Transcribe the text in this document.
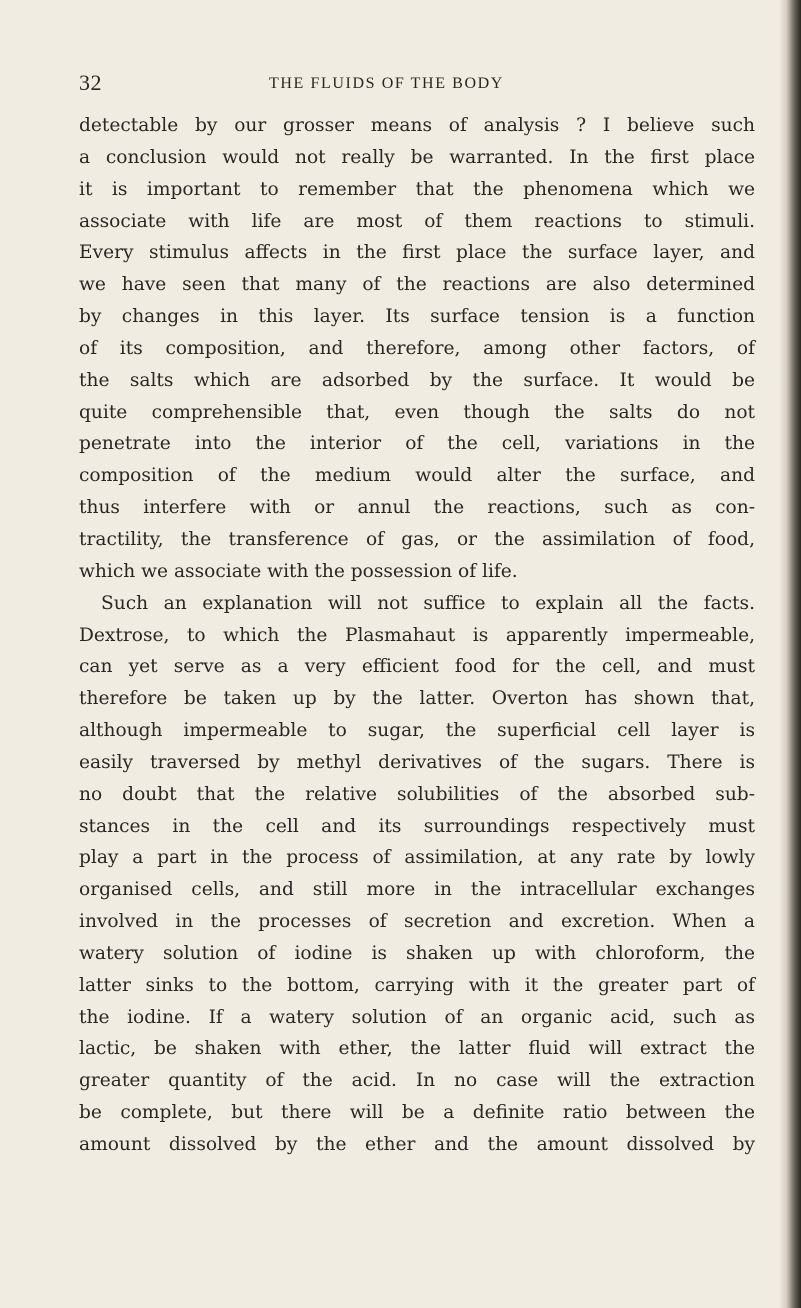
32	THE FLUIDS OF THE BODY
detectable by our grosser means of analysis ? I believe such
a conclusion would not really be warranted. In the first place
it is important to remember that the phenomena which we
associate with life are most of them reactions to stimuli.
Every stimulus affects in the first place the surface layer, and
we have seen that many of the reactions are also determined
by changes in this layer. Its surface tension is a function
of its composition, and therefore, among other factors, of
the salts which are adsorbed by the surface. It would be
quite comprehensible that, even though the salts do not
penetrate into the interior of the cell, variations in the
composition of the medium would alter the surface, and
thus interfere with or annul the reactions, such as con-
tractility, the transference of gas, or the assimilation of food,
which we associate with the possession of life.
Such an explanation will not suffice to explain all the facts.
Dextrose, to which the Plasmahaut is apparently impermeable,
can yet serve as a very efficient food for the cell, and must
therefore be taken up by the latter. Overton has shown that,
although impermeable to sugar, the superficial cell layer is
easily traversed by methyl derivatives of the sugars. There is
no doubt that the relative solubilities of the absorbed sub-
stances in the cell and its surroundings respectively must
play a part in the process of assimilation, at any rate by lowly
organised cells, and still more in the intracellular exchanges
involved in the processes of secretion and excretion. When a
watery solution of iodine is shaken up with chloroform, the
latter sinks to the bottom, carrying with it the greater part of
the iodine. If a watery solution of an organic acid, such as
lactic, be shaken with ether, the latter fluid will extract the
greater quantity of the acid. In no case will the extraction
be complete, but there will be a definite ratio between the
amount dissolved by the ether and the amount dissolved by
